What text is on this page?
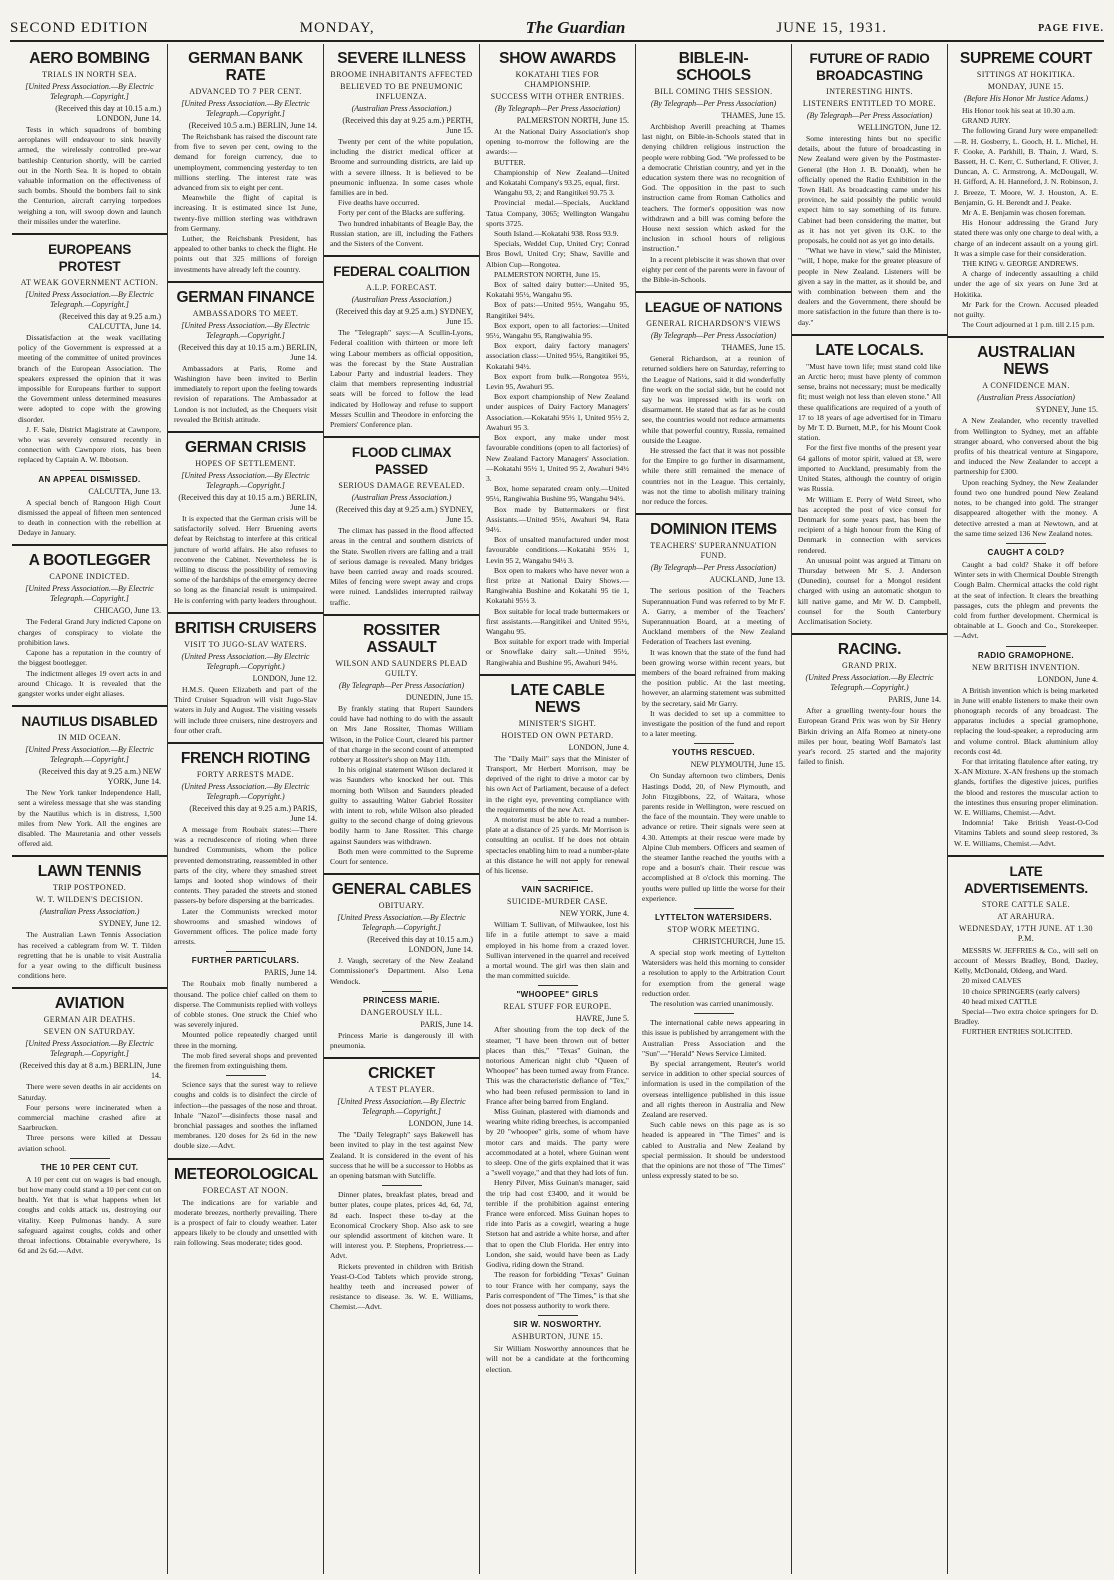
SECOND EDITION	MONDAY,	The Guardian	JUNE 15, 1931.	PAGE FIVE.
AERO BOMBING
TRIALS IN NORTH SEA.
[United Press Association.—By Electric Telegraph.—Copyright.]
(Received this day at 10.15 a.m.) LONDON, June 14.

Tests in which squadrons of bombing aeroplanes will endeavour to sink heavily armed, the wirelessly controlled pre-war battleship Centurion shortly, will be carried out in the North Sea. It is hoped to obtain valuable information on the effectiveness of such bombs. Should the bombers fail to sink the Centurion, aircraft carrying torpedoes weighing a ton, will swoop down and launch their missiles under the waterline.

EUROPEANS PROTEST
AT WEAK GOVERNMENT ACTION.
[United Press Association.—By Electric Telegraph.—Copyright.]
(Received this day at 9.25 a.m.) CALCUTTA, June 14.

Dissatisfaction at the weak vacillating policy of the Government is expressed at a meeting of the committee of united provinces branch of the European Association. The speakers expressed the opinion that it was impossible for Europeans further to support the Government unless determined measures were adopted to cope with the growing disorder.

J. F. Sale, District Magistrate at Cawnpore, who was severely censured recently in connection with Cawnpore riots, has been replaced by Captain A. W. Ibbotson.

AN APPEAL DISMISSED.
CALCUTTA, June 13.

A special bench of Rangoon High Court dismissed the appeal of fifteen men sentenced to death in connection with the rebellion at Dedaye in January.

A BOOTLEGGER
CAPONE INDICTED.
[United Press Association.—By Electric Telegraph.—Copyright.]
CHICAGO, June 13.

The Federal Grand Jury indicted Capone on charges of conspiracy to violate the prohibition laws.

Capone has a reputation in the country of the biggest bootlegger.

The indictment alleges 19 overt acts in and around Chicago. It is revealed that the gangster works under eight aliases.

NAUTILUS DISABLED
IN MID OCEAN.
[United Press Association.—By Electric Telegraph.—Copyright.]
(Received this day at 9.25 a.m.) NEW YORK, June 14.

The New York tanker Independence Hall, sent a wireless message that she was standing by the Nautilus which is in distress, 1,500 miles from New York. All the engines are disabled. The Mauretania and other vessels offered aid.

LAWN TENNIS
TRIP POSTPONED.
W. T. WILDEN'S DECISION.
(Australian Press Association.)
SYDNEY, June 12.

The Australian Lawn Tennis Association has received a cablegram from W. T. Tilden regretting that he is unable to visit Australia for a year owing to the difficult business conditions here.

AVIATION
GERMAN AIR DEATHS.
SEVEN ON SATURDAY.
[United Press Association.—By Electric Telegraph.—Copyright.]
(Received this day at 8 a.m.) BERLIN, June 14.

There were seven deaths in air accidents on Saturday.

Four persons were incinerated when a commercial machine crashed afire at Saarbrucken.

Three persons were killed at Dessau aviation school.

THE 10 PER CENT CUT.

A 10 per cent cut on wages is bad enough, but how many could stand a 10 per cent cut on health. Yet that is what happens when let coughs and colds attack us, destroying our vitality. Keep Pulmonas handy. A sure safeguard against coughs, colds and other throat infections. Obtainable everywhere, 1s 6d and 2s 6d.—Advt.

GERMAN BANK RATE
ADVANCED TO 7 PER CENT.
[United Press Association.—By Electric Telegraph.—Copyright.]
(Received 10.5 a.m.) BERLIN, June 14.

The Reichsbank has raised the discount rate from five to seven per cent, owing to the demand for foreign currency, due to unemployment, commencing yesterday to ten millions sterling. The interest rate was advanced from six to eight per cent.

Meanwhile the flight of capital is increasing. It is estimated since 1st June, twenty-five million sterling was withdrawn from Germany.

Luther, the Reichsbank President, has appealed to other banks to check the flight. He points out that 325 millions of foreign investments have already left the country.

GERMAN FINANCE
AMBASSADORS TO MEET.
[United Press Association.—By Electric Telegraph.—Copyright.]
(Received this day at 10.15 a.m.) BERLIN, June 14.

Ambassadors at Paris, Rome and Washington have been invited to Berlin immediately to report upon the feeling towards revision of reparations. The Ambassador at London is not included, as the Chequers visit revealed the British attitude.

GERMAN CRISIS
HOPES OF SETTLEMENT.
[United Press Association.—By Electric Telegraph.—Copyright.]
(Received this day at 10.15 a.m.) BERLIN, June 14.

It is expected that the German crisis will be satisfactorily solved. Herr Bruening averts defeat by Reichstag to interfere at this critical juncture of world affairs. He also refuses to reconvene the Cabinet. Nevertheless he is willing to discuss the possibility of removing some of the hardships of the emergency decree so long as the financial result is unimpaired. He is conferring with party leaders throughout.

BRITISH CRUISERS
VISIT TO JUGO-SLAV WATERS.
(United Press Association.—By Electric Telegraph.—Copyright.)
LONDON, June 12.

H.M.S. Queen Elizabeth and part of the Third Cruiser Squadron will visit Jugo-Slav waters in July and August. The visiting vessels will include three cruisers, nine destroyers and four other craft.

FRENCH RIOTING
FORTY ARRESTS MADE.
(United Press Association.—By Electric Telegraph.—Copyright.)
(Received this day at 9.25 a.m.) PARIS, June 14.

A message from Roubaix states:—There was a recrudescence of rioting when three hundred Communists, whom the police prevented demonstrating, reassembled in other parts of the city, where they smashed street lamps and looted shop windows of their contents. They paraded the streets and stoned passers-by before dispersing at the barricades.

Later the Communists wrecked motor showrooms and smashed windows of Government offices. The police made forty arrests.

FURTHER PARTICULARS.
PARIS, June 14.

The Roubaix mob finally numbered a thousand. The police chief called on them to disperse. The Communists replied with volleys of cobble stones. One struck the Chief who was severely injured.

Mounted police repeatedly charged until three in the morning.

The mob fired several shops and prevented the firemen from extinguishing them.

Science says that the surest way to relieve coughs and colds is to disinfect the circle of infection—the passages of the nose and throat. Inhale "Nazol"—disinfects those nasal and bronchial passages and soothes the inflamed membranes. 120 doses for 2s 6d in the new double size.—Advt.

METEOROLOGICAL
FORECAST AT NOON.

The indications are for variable and moderate breezes, northerly prevailing. There is a prospect of fair to cloudy weather. Later appears likely to be cloudy and unsettled with rain following. Seas moderate; tides good.

SEVERE ILLNESS
BROOME INHABITANTS AFFECTED
BELIEVED TO BE PNEUMONIC INFLUENZA.
(Australian Press Association.)
(Received this day at 9.25 a.m.) PERTH, June 15.

Twenty per cent of the white population, including the district medical officer at Broome and surrounding districts, are laid up with a severe illness. It is believed to be pneumonic influenza. In some cases whole families are in bed.

Five deaths have occurred.

Forty per cent of the Blacks are suffering.

Two hundred inhabitants of Beagle Bay, the Russian station, are ill, including the Fathers and the Sisters of the Convent.

FEDERAL COALITION
A.L.P. FORECAST.
(Australian Press Association.)
(Received this day at 9.25 a.m.) SYDNEY, June 15.

The "Telegraph" says:—A Scullin-Lyons, Federal coalition with thirteen or more left wing Labour members as official opposition, was the forecast by the State Australian Labour Party and industrial leaders. They claim that members representing industrial seats will be forced to follow the lead indicated by Holloway and refuse to support Messrs Scullin and Theodore in enforcing the Premiers' Conference plan.

FLOOD CLIMAX PASSED
SERIOUS DAMAGE REVEALED.
(Australian Press Association.)
(Received this day at 9.25 a.m.) SYDNEY, June 15.

The climax has passed in the flood affected areas in the central and southern districts of the State. Swollen rivers are falling and a trail of serious damage is revealed. Many bridges have been carried away and roads scoured. Miles of fencing were swept away and crops were ruined. Landslides interrupted railway traffic.

ROSSITER ASSAULT
WILSON AND SAUNDERS PLEAD GUILTY.
(By Telegraph—Per Press Association)
DUNEDIN, June 15.

By frankly stating that Rupert Saunders could have had nothing to do with the assault on Mrs Jane Rossiter, Thomas William Wilson, in the Police Court, cleared his partner of that charge in the second count of attempted robbery at Rossiter's shop on May 11th.

In his original statement Wilson declared it was Saunders who knocked her out. This morning both Wilson and Saunders pleaded guilty to assaulting Walter Gabriel Rossiter with intent to rob, while Wilson also pleaded guilty to the second charge of doing grievous bodily harm to Jane Rossiter. This charge against Saunders was withdrawn.

Both men were committed to the Supreme Court for sentence.

GENERAL CABLES
OBITUARY.
[United Press Association.—By Electric Telegraph.—Copyright.]
(Received this day at 10.15 a.m.) LONDON, June 14.

J. Vaugh, secretary of the New Zealand Commissioner's Department. Also Lena Wendock.

PRINCESS MARIE.
DANGEROUSLY ILL.
PARIS, June 14.

Princess Marie is dangerously ill with pneumonia.

CRICKET
A TEST PLAYER.
[United Press Association.—By Electric Telegraph.—Copyright.]
LONDON, June 14.

The "Daily Telegraph" says Bakewell has been invited to play in the test against New Zealand. It is considered in the event of his success that he will be a successor to Hobbs as an opening batsman with Sutcliffe.

Dinner plates, breakfast plates, bread and butter plates, coupe plates, prices 4d, 6d, 7d, 8d each. Inspect these to-day at the Economical Crockery Shop. Also ask to see our splendid assortment of kitchen ware. It will interest you. P. Stephens, Proprietress.—Advt.

Rickets prevented in children with British Yeast-O-Cod Tablets which provide strong, healthy teeth and increased power of resistance to disease. 3s. W. E. Williams, Chemist.—Advt.

SHOW AWARDS
KOKATAHI TIES FOR CHAMPIONSHIP.
SUCCESS WITH OTHER ENTRIES.
(By Telegraph—Per Press Association)
PALMERSTON NORTH, June 15.

At the National Dairy Association's shop opening to-morrow the following are the awards:—

BUTTER.

Championship of New Zealand—United and Kokatahi Company's 93.25, equal, first.

Wangahu 93, 2; and Rangitikei 93.75 3.

Provincial medal.—Specials, Auckland Tatua Company, 3065; Wellington Wangahu sports 3725.

South Island.—Kokatahi 938. Ross 93.9.

Specials, Weddel Cup, United Cry; Conrad Bros Bowl, United Cry; Shaw, Saville and Albion Cup—Rongotea.

PALMERSTON NORTH, June 15.

Box of salted dairy butter:—United 95, Kokatahi 95½, Wangahu 95.

Box of pats:—United 95½, Wangahu 95, Rangitikei 94½.

Box export, open to all factories:—United 95½, Wangahu 95, Rangiwahia 95.

Box export, dairy factory managers' association class:—United 95½, Rangitikei 95, Kokatahi 94½.

Box export from bulk.—Rongotea 95½, Levin 95, Awahuri 95.

Box export championship of New Zealand under auspices of Dairy Factory Managers' Association.—Kokatahi 95½ 1, United 95½ 2, Awahuri 95 3.

Box export, any make under most favourable conditions (open to all factories) of New Zealand Factory Managers' Association.—Kokatahi 95½ 1, United 95 2, Awahuri 94½ 3.

Box, home separated cream only.—United 95½, Rangiwahia Bushine 95, Wangahu 94½.

Box made by Buttermakers or first Assistants.—United 95½, Awahuri 94, Rata 94½.

Box of unsalted manufactured under most favourable conditions.—Kokatahi 95½ 1, Levin 95 2, Wangahu 94½ 3.

Box open to makers who have never won a first prize at National Dairy Shows.—Rangiwahia Bushine and Kokatahi 95 tie 1, Kokatahi 95½ 3.

Box suitable for local trade buttermakers or first assistants.—Rangitikei and United 95½, Wangahu 95.

Box suitable for export trade with Imperial or Snowflake dairy salt.—United 95½, Rangiwahia and Bushine 95, Awahuri 94½.

LATE CABLE NEWS
MINISTER'S SIGHT.
HOISTED ON OWN PETARD.
LONDON, June 4.

The "Daily Mail" says that the Minister of Transport, Mr Herbert Morrison, may be deprived of the right to drive a motor car by his own Act of Parliament, because of a defect in the right eye, preventing compliance with the requirements of the new Act.

A motorist must be able to read a number-plate at a distance of 25 yards. Mr Morrison is consulting an oculist. If he does not obtain spectacles enabling him to read a number-plate at this distance he will not apply for renewal of his license.

VAIN SACRIFICE.
SUICIDE-MURDER CASE.
NEW YORK, June 4.

William T. Sullivan, of Milwaukee, lost his life in a futile attempt to save a maid employed in his home from a crazed lover. Sullivan intervened in the quarrel and received a mortal wound. The girl was then slain and the man committed suicide.

"WHOOPEE" GIRLS
REAL STUFF FOR EUROPE.
HAVRE, June 5.

After shouting from the top deck of the steamer, "I have been thrown out of better places than this," "Texas" Guinan, the notorious American night club "Queen of Whoopee" has been turned away from France. This was the characteristic defiance of "Tex," who had been refused permission to land in France after being barred from England.

Miss Guinan, plastered with diamonds and wearing white riding breeches, is accompanied by 20 "whoopee" girls, some of whom have motor cars and maids. The party were accommodated at a hotel, where Guinan went to sleep. One of the girls explained that it was a "swell voyage," and that they had lots of fun.

Henry Pilver, Miss Guinan's manager, said the trip had cost £3400, and it would be terrible if the prohibition against entering France were enforced. Miss Guinan hopes to ride into Paris as a cowgirl, wearing a huge Stetson hat and astride a white horse, and after that to open the Club Florida. Her entry into London, she said, would have been as Lady Godiva, riding down the Strand.

The reason for forbidding "Texas" Guinan to tour France with her company, says the Paris correspondent of "The Times," is that she does not possess authority to work there.

SIR W. NOSWORTHY.
ASHBURTON, JUNE 15.

Sir William Nosworthy announces that he will not be a candidate at the forthcoming election.

BIBLE-IN-SCHOOLS
BILL COMING THIS SESSION.
(By Telegraph—Per Press Association)
THAMES, June 15.

Archbishop Averill preaching at Thames last night, on Bible-in-Schools stated that in denying children religious instruction the people were robbing God. "We professed to be a democratic Christian country, and yet in the education system there was no recognition of God. The opposition in the past to such instruction came from Roman Catholics and teachers. The former's opposition was now withdrawn and a bill was coming before the House next session which asked for the inclusion in school hours of religious instruction."

In a recent plebiscite it was shown that over eighty per cent of the parents were in favour of the Bible-in-Schools.

LEAGUE OF NATIONS
GENERAL RICHARDSON'S VIEWS
(By Telegraph—Per Press Association)
THAMES, June 15.

General Richardson, at a reunion of returned soldiers here on Saturday, referring to the League of Nations, said it did wonderfully fine work on the social side, but he could not say he was impressed with its work on disarmament. He stated that as far as he could see, the countries would not reduce armaments while that powerful country, Russia, remained outside the League.

He stressed the fact that it was not possible for the Empire to go further in disarmament, while there still remained the menace of countries not in the League. This certainly, was not the time to abolish military training nor reduce the forces.

DOMINION ITEMS
TEACHERS' SUPERANNUATION FUND.
(By Telegraph—Per Press Association)
AUCKLAND, June 13.

The serious position of the Teachers Superannuation Fund was referred to by Mr F. A. Garry, a member of the Teachers' Superannuation Board, at a meeting of Auckland members of the New Zealand Federation of Teachers last evening.

It was known that the state of the fund had been growing worse within recent years, but members of the board refrained from making the position public. At the last meeting, however, an alarming statement was submitted by the secretary, said Mr Garry.

It was decided to set up a committee to investigate the position of the fund and report to a later meeting.

YOUTHS RESCUED.
NEW PLYMOUTH, June 15.

On Sunday afternoon two climbers, Denis Hastings Dodd, 20, of New Plymouth, and John Fitzgibbons, 22, of Waitara, whose parents reside in Wellington, were rescued on the face of the mountain. They were unable to advance or retire. Their signals were seen at 4.30. Attempts at their rescue were made by Alpine Club members. Officers and seamen of the steamer Ianthe reached the youths with a rope and a bosun's chair. Their rescue was accomplished at 8 o'clock this morning. The youths were pulled up little the worse for their experience.

LYTTELTON WATERSIDERS.
STOP WORK MEETING.
CHRISTCHURCH, June 15.

A special stop work meeting of Lyttelton Watersiders was held this morning to consider a resolution to apply to the Arbitration Court for exemption from the general wage reduction order.

The resolution was carried unanimously.

The international cable news appearing in this issue is published by arrangement with the Australian Press Association and the "Sun"—"Herald" News Service Limited.

By special arrangement, Reuter's world service in addition to other special sources of information is used in the compilation of the overseas intelligence published in this issue and all rights thereon in Australia and New Zealand are reserved.

Such cable news on this page as is so headed is appeared in "The Times" and is cabled to Australia and New Zealand by special permission. It should be understood that the opinions are not those of "The Times" unless expressly stated to be so.

FUTURE OF RADIO BROADCASTING
INTERESTING HINTS.
LISTENERS ENTITLED TO MORE.
(By Telegraph—Per Press Association)
WELLINGTON, June 12.

Some interesting hints but no specific details, about the future of broadcasting in New Zealand were given by the Postmaster-General (the Hon J. B. Donald), when he officially opened the Radio Exhibition in the Town Hall. As broadcasting came under his province, he said possibly the public would expect him to say something of its future. Cabinet had been considering the matter, but as it has not yet given its O.K. to the proposals, he could not as yet go into details.

"What we have in view," said the Minister, "will, I hope, make for the greater pleasure of people in New Zealand. Listeners will be given a say in the matter, as it should be, and with combination between them and the dealers and the Government, there should be more satisfaction in the future than there is to-day."

LATE LOCALS.

"Must have town life; must stand cold like an Arctic hero; must have plenty of common sense, brains not necessary; must be medically fit; must weigh not less than eleven stone." All these qualifications are required of a youth of 17 to 18 years of age advertised for in Timaru by Mr T. D. Burnett, M.P., for his Mount Cook station.

For the first five months of the present year 64 gallons of motor spirit, valued at £8, were imported to Auckland, presumably from the United States, although the country of origin was Russia.

Mr William E. Perry of Weld Street, who has accepted the post of vice consul for Denmark for some years past, has been the recipient of a high honour from the King of Denmark in connection with services rendered.

An unusual point was argued at Timaru on Thursday between Mr S. J. Anderson (Dunedin), counsel for a Mongol resident charged with using an automatic shotgun to kill native game, and Mr W. D. Campbell, counsel for the South Canterbury Acclimatisation Society.

RACING.
GRAND PRIX.
(United Press Association.—By Electric Telegraph.—Copyright.)
PARIS, June 14.

After a gruelling twenty-four hours the European Grand Prix was won by Sir Henry Birkin driving an Alfa Romeo at ninety-one miles per hour, beating Wolf Barnato's last year's record. 25 started and the majority failed to finish.

SUPREME COURT
SITTINGS AT HOKITIKA.
MONDAY, JUNE 15.
(Before His Honor Mr Justice Adams.)

His Honor took his seat at 10.30 a.m.

GRAND JURY.

The following Grand Jury were empanelled:—R. H. Gosberry, L. Gooch, H. L. Michel, H. F. Cooke, A. Parkhill, B. Thain, J. Ward, S. Bassett, H. C. Kerr, C. Sutherland, F. Oliver, J. Duncan, A. C. Armstrong, A. McDougall, W. H. Gifford, A. H. Hanneford, J. N. Robinson, J. J. Breeze, T. Moore, W. J. Houston, A. E. Benjamin, G. H. Berendt and J. Peake.

Mr A. E. Benjamin was chosen foreman.

His Honour addressing the Grand Jury stated there was only one charge to deal with, a charge of an indecent assault on a young girl. It was a simple case for their consideration.

THE KING v. GEORGE ANDREWS.

A charge of indecently assaulting a child under the age of six years on June 3rd at Hokitika.

Mr Park for the Crown. Accused pleaded not guilty.

The Court adjourned at 1 p.m. till 2.15 p.m.

AUSTRALIAN NEWS
A CONFIDENCE MAN.
(Australian Press Association)
SYDNEY, June 15.

A New Zealander, who recently travelled from Wellington to Sydney, met an affable stranger aboard, who conversed about the big profits of his theatrical venture at Singapore, and induced the New Zealander to accept a partnership for £300.

Upon reaching Sydney, the New Zealander found two one hundred pound New Zealand notes, to be changed into gold. The stranger disappeared altogether with the money. A detective arrested a man at Newtown, and at the same time seized 136 New Zealand notes.

CAUGHT A COLD?

Caught a bad cold? Shake it off before Winter sets in with Chermical Double Strength Cough Balm. Chermical attacks the cold right at the seat of infection. It clears the breathing passages, cuts the phlegm and prevents the cold from further development. Chermical is obtainable at L. Gooch and Co., Storekeeper.—Advt.

RADIO GRAMOPHONE.
NEW BRITISH INVENTION.
LONDON, June 4.

A British invention which is being marketed in June will enable listeners to make their own phonograph records of any broadcast. The apparatus includes a special gramophone, replacing the loud-speaker, a reproducing arm and volume control. Black aluminium alloy records cost 4d.

For that irritating flatulence after eating, try X-AN Mixture. X-AN freshens up the stomach glands, fortifies the digestive juices, purifies the blood and restores the muscular action to the intestines thus ensuring proper elimination. W. E. Williams, Chemist.—Advt.

Indomnia! Take British Yeast-O-Cod Vitamins Tablets and sound sleep restored, 3s W. E. Williams, Chemist.—Advt.

LATE ADVERTISEMENTS.
STORE CATTLE SALE.
AT ARAHURA.
WEDNESDAY, 17TH JUNE. AT 1.30 P.M.

MESSRS W. JEFFRIES & Co., will sell on account of Messrs Bradley, Bond, Dazley, Kelly, McDonald, Oldeeg, and Ward.

20 mixed CALVES

10 choice SPRINGERS (early calvers)

40 head mixed CATTLE

Special—Two extra choice springers for D. Bradley.

FURTHER ENTRIES SOLICITED.
